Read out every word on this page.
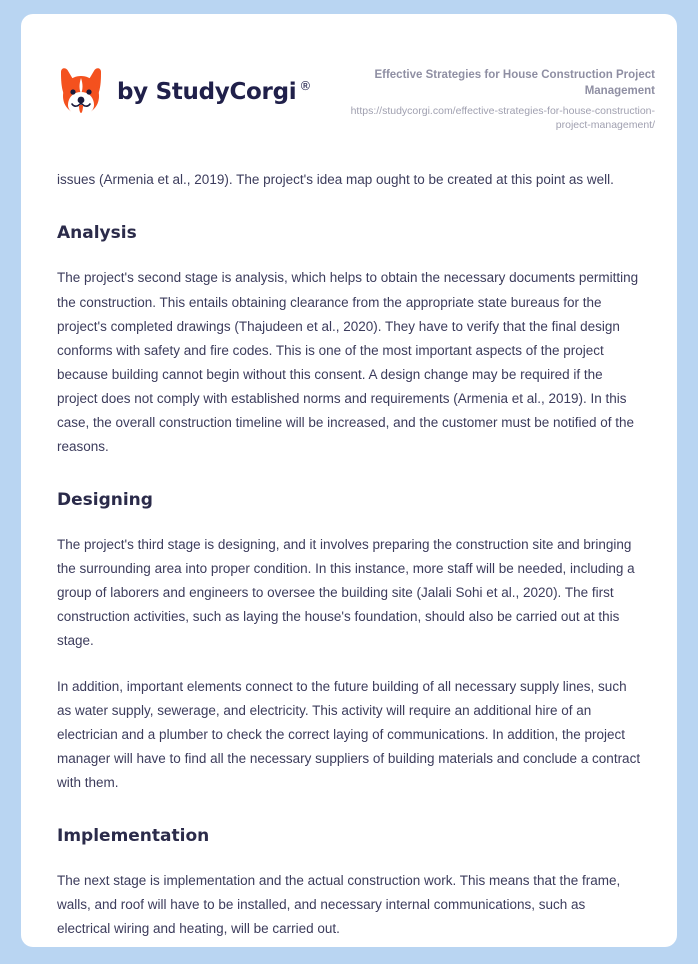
by StudyCorgi ®

Effective Strategies for House Construction Project Management

https://studycorgi.com/effective-strategies-for-house-construction-project-management/

issues (Armenia et al., 2019). The project's idea map ought to be created at this point as well.

Analysis

The project's second stage is analysis, which helps to obtain the necessary documents permitting the construction. This entails obtaining clearance from the appropriate state bureaus for the project's completed drawings (Thajudeen et al., 2020). They have to verify that the final design conforms with safety and fire codes. This is one of the most important aspects of the project because building cannot begin without this consent. A design change may be required if the project does not comply with established norms and requirements (Armenia et al., 2019). In this case, the overall construction timeline will be increased, and the customer must be notified of the reasons.

Designing

The project's third stage is designing, and it involves preparing the construction site and bringing the surrounding area into proper condition. In this instance, more staff will be needed, including a group of laborers and engineers to oversee the building site (Jalali Sohi et al., 2020). The first construction activities, such as laying the house's foundation, should also be carried out at this stage.

In addition, important elements connect to the future building of all necessary supply lines, such as water supply, sewerage, and electricity. This activity will require an additional hire of an electrician and a plumber to check the correct laying of communications. In addition, the project manager will have to find all the necessary suppliers of building materials and conclude a contract with them.

Implementation

The next stage is implementation and the actual construction work. This means that the frame, walls, and roof will have to be installed, and necessary internal communications, such as electrical wiring and heating, will be carried out.
